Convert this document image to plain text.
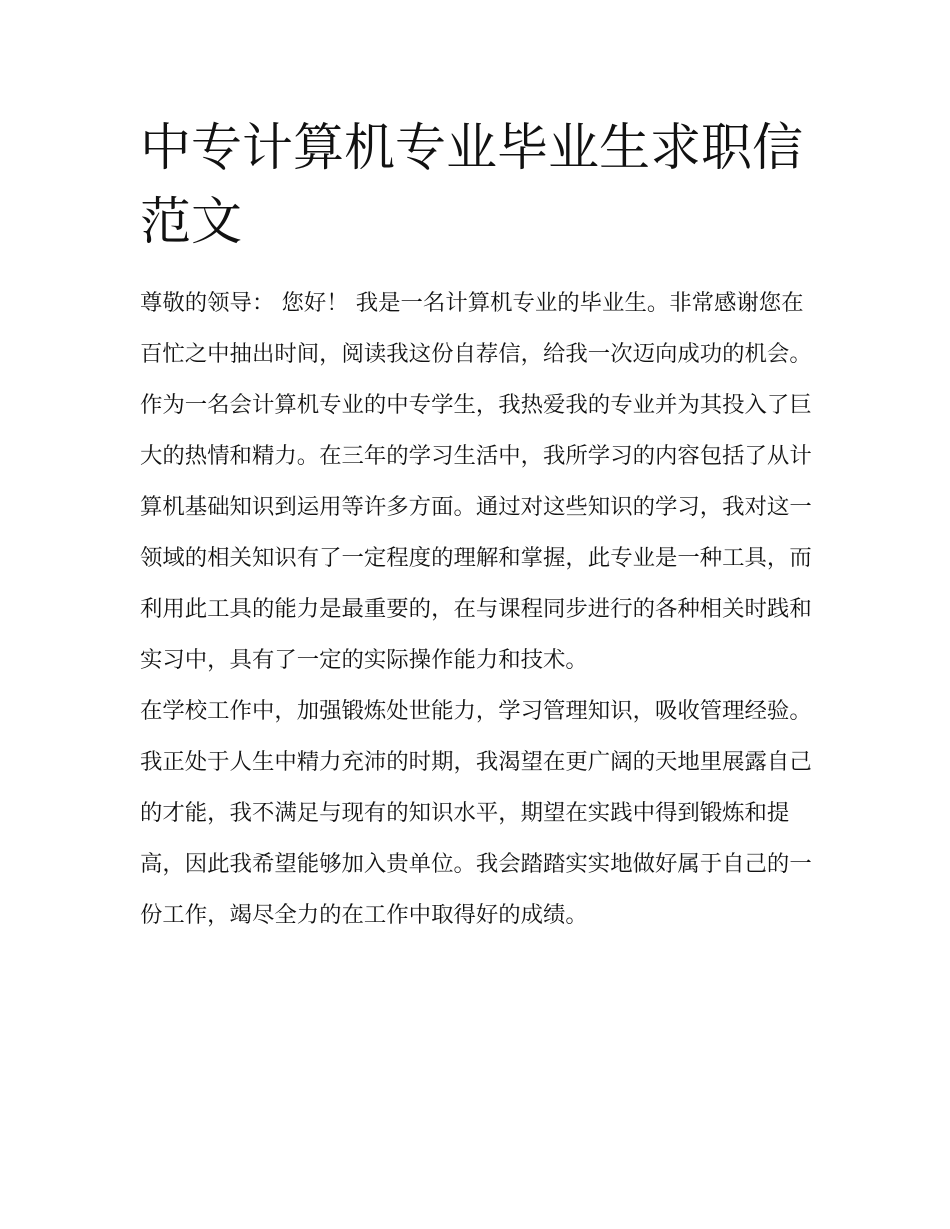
中专计算机专业毕业生求职信范文

尊敬的领导： 您好！ 我是一名计算机专业的毕业生。非常感谢您在百忙之中抽出时间，阅读我这份自荐信，给我一次迈向成功的机会。

作为一名会计算机专业的中专学生，我热爱我的专业并为其投入了巨大的热情和精力。在三年的学习生活中，我所学习的内容包括了从计算机基础知识到运用等许多方面。通过对这些知识的学习，我对这一领域的相关知识有了一定程度的理解和掌握，此专业是一种工具，而利用此工具的能力是最重要的，在与课程同步进行的各种相关时践和实习中，具有了一定的实际操作能力和技术。

在学校工作中，加强锻炼处世能力，学习管理知识，吸收管理经验。我正处于人生中精力充沛的时期，我渴望在更广阔的天地里展露自己的才能，我不满足与现有的知识水平，期望在实践中得到锻炼和提高，因此我希望能够加入贵单位。我会踏踏实实地做好属于自己的一份工作，竭尽全力的在工作中取得好的成绩。
